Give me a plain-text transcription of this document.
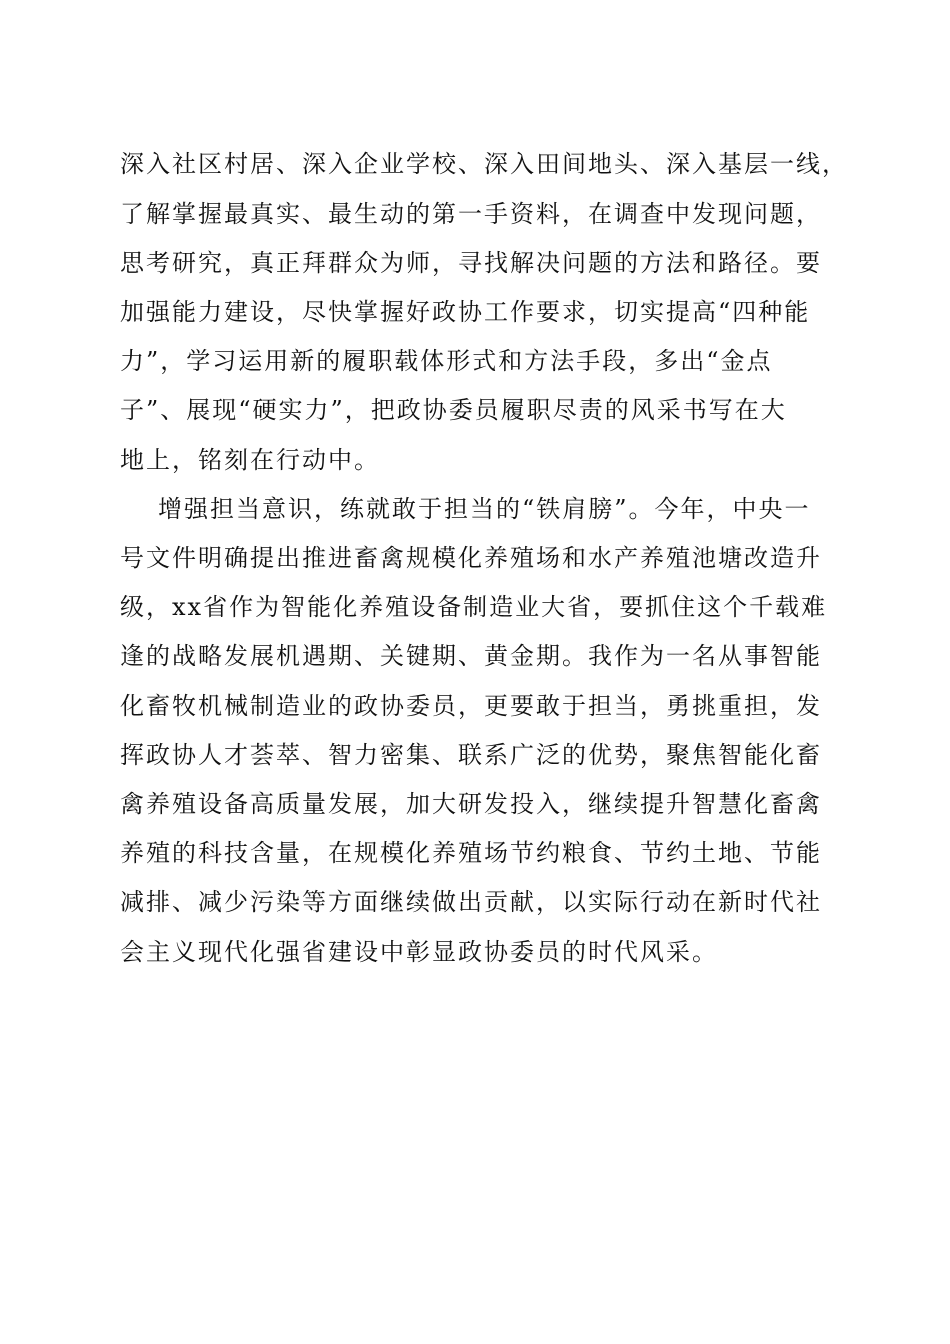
深入社区村居、深入企业学校、深入田间地头、深入基层一线，
了解掌握最真实、最生动的第一手资料，在调查中发现问题，
思考研究，真正拜群众为师，寻找解决问题的方法和路径。要
加强能力建设，尽快掌握好政协工作要求，切实提高“四种能
力”，学习运用新的履职载体形式和方法手段，多出“金点
子”、展现“硬实力”，把政协委员履职尽责的风采书写在大
地上，铭刻在行动中。
增强担当意识，练就敢于担当的“铁肩膀”。今年，中央一
号文件明确提出推进畜禽规模化养殖场和水产养殖池塘改造升
级，xx省作为智能化养殖设备制造业大省，要抓住这个千载难
逢的战略发展机遇期、关键期、黄金期。我作为一名从事智能
化畜牧机械制造业的政协委员，更要敢于担当，勇挑重担，发
挥政协人才荟萃、智力密集、联系广泛的优势，聚焦智能化畜
禽养殖设备高质量发展，加大研发投入，继续提升智慧化畜禽
养殖的科技含量，在规模化养殖场节约粮食、节约土地、节能
减排、减少污染等方面继续做出贡献，以实际行动在新时代社
会主义现代化强省建设中彰显政协委员的时代风采。
